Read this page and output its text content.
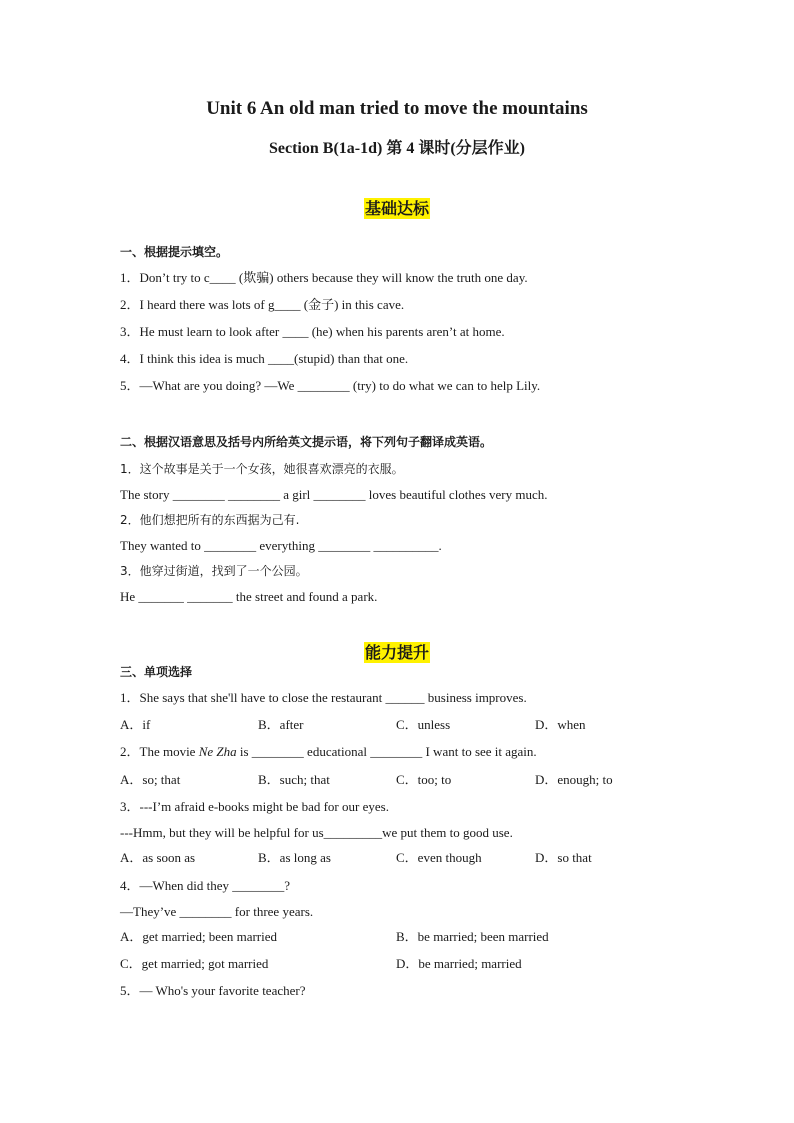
Unit 6 An old man tried to move the mountains
Section B(1a-1d) 第 4 课时(分层作业)
基础达标
一、根据提示填空。
1．Don’t try to c____ (欺骗) others because they will know the truth one day.
2．I heard there was lots of g____ (金子) in this cave.
3．He must learn to look after ____ (he) when his parents aren’t at home.
4．I think this idea is much ____(stupid) than that one.
5．—What are you doing? —We ________ (try) to do what we can to help Lily.
二、根据汉语意思及括号内所给英文提示语，将下列句子翻译成英语。
1．这个故事是关于一个女孩，她很喜欢漂亮的衣服。
The story ________ ________ a girl ________ loves beautiful clothes very much.
2．他们想把所有的东西据为己有.
They wanted to ________ everything ________ __________.
3．他穿过街道，找到了一个公园。
He _______ _______ the street and found a park.
能力提升
三、单项选择
1．She says that she'll have to close the restaurant ______ business improves.
A．if	B．after	C．unless	D．when
2．The movie Ne Zha is ________ educational ________ I want to see it again.
A．so; that	B．such; that	C．too; to	D．enough; to
3．---I’m afraid e-books might be bad for our eyes.
---Hmm, but they will be helpful for us_________we put them to good use.
A．as soon as	B．as long as	C．even though	D．so that
4．—When did they ________?
—They’ve ________ for three years.
A．get married; been married	B．be married; been married
C．get married; got married	D．be married; married
5．— Who's your favorite teacher?
